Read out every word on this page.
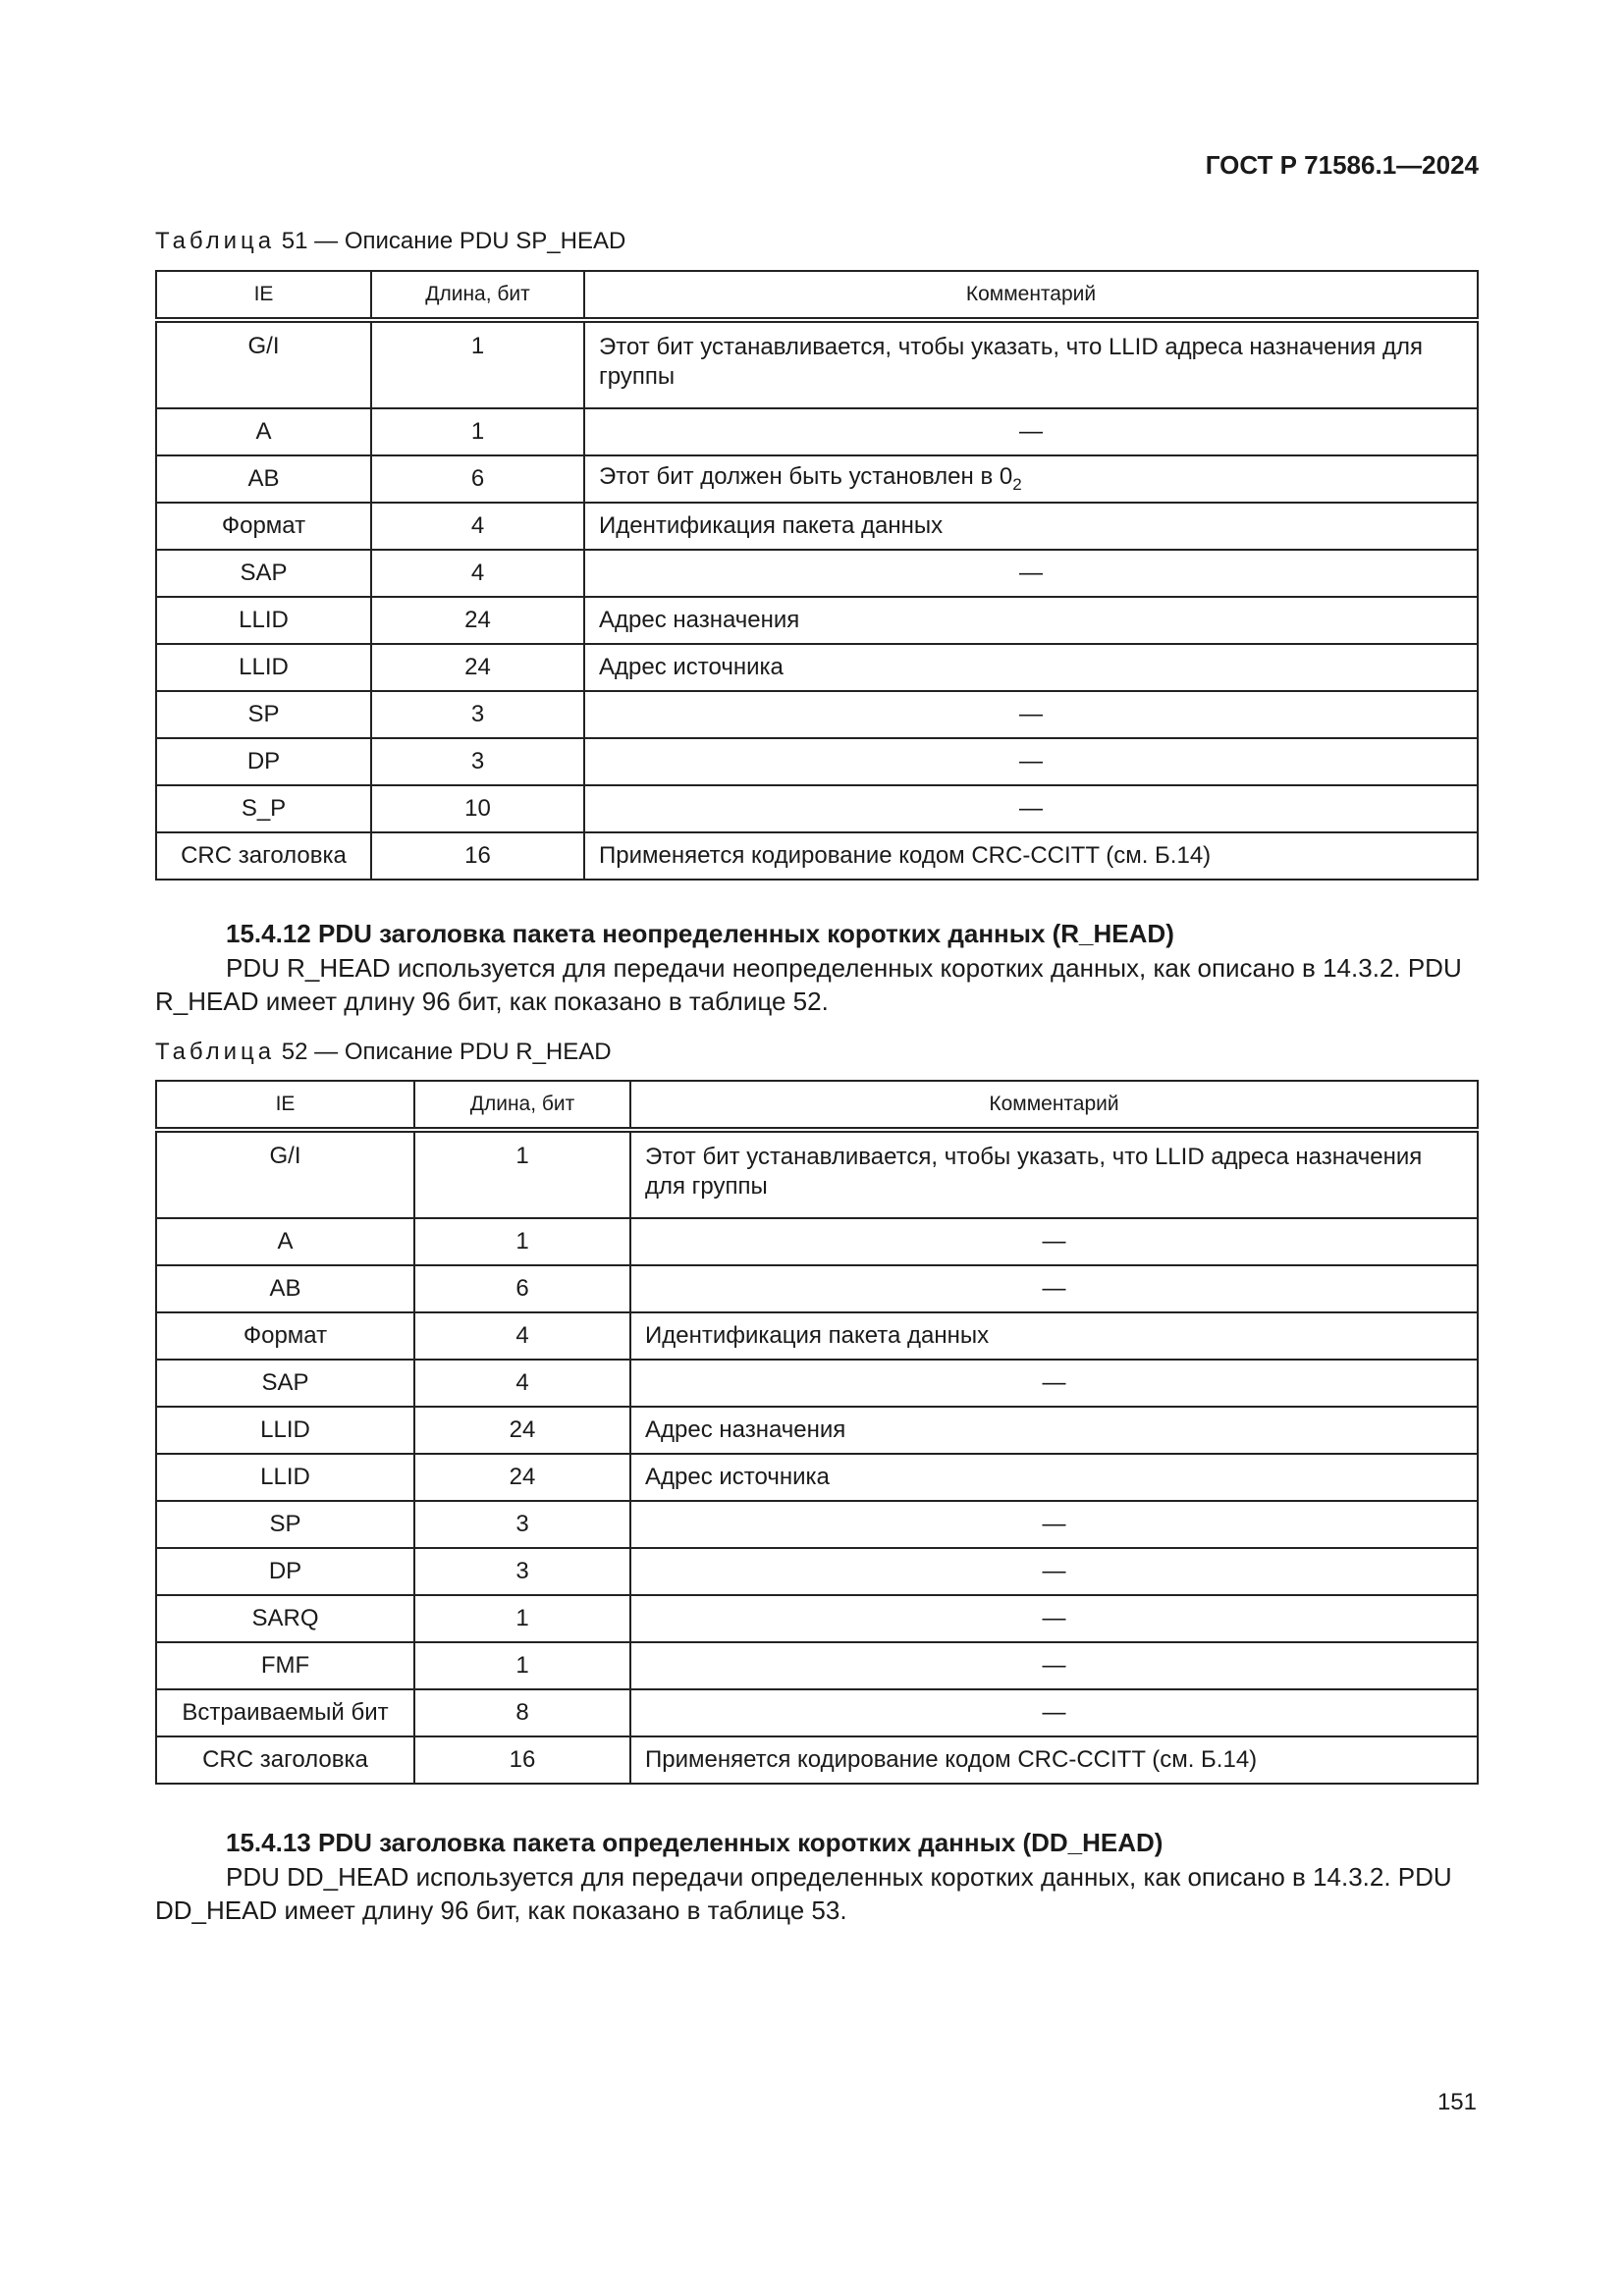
ГОСТ Р 71586.1—2024
Таблица 51 — Описание PDU SP_HEAD
IE	Длина, бит	Комментарий
G/I	1	Этот бит устанавливается, чтобы указать, что LLID адреса назначения для группы
A	1	—
AB	6	Этот бит должен быть установлен в $0_2$
Формат	4	Идентификация пакета данных
SAP	4	—
LLID	24	Адрес назначения
LLID	24	Адрес источника
SP	3	—
DP	3	—
S_P	10	—
CRC заголовка	16	Применяется кодирование кодом CRC-CCITT (см. Б.14)
15.4.12 PDU заголовка пакета неопределенных коротких данных (R_HEAD)
PDU R_HEAD используется для передачи неопределенных коротких данных, как описано в 14.3.2. PDU R_HEAD имеет длину 96 бит, как показано в таблице 52.
Таблица 52 — Описание PDU R_HEAD
IE	Длина, бит	Комментарий
G/I	1	Этот бит устанавливается, чтобы указать, что LLID адреса назначения для группы
A	1	—
AB	6	—
Формат	4	Идентификация пакета данных
SAP	4	—
LLID	24	Адрес назначения
LLID	24	Адрес источника
SP	3	—
DP	3	—
SARQ	1	—
FMF	1	—
Встраиваемый бит	8	—
CRC заголовка	16	Применяется кодирование кодом CRC-CCITT (см. Б.14)
15.4.13 PDU заголовка пакета определенных коротких данных (DD_HEAD)
PDU DD_HEAD используется для передачи определенных коротких данных, как описано в 14.3.2. PDU DD_HEAD имеет длину 96 бит, как показано в таблице 53.
151
